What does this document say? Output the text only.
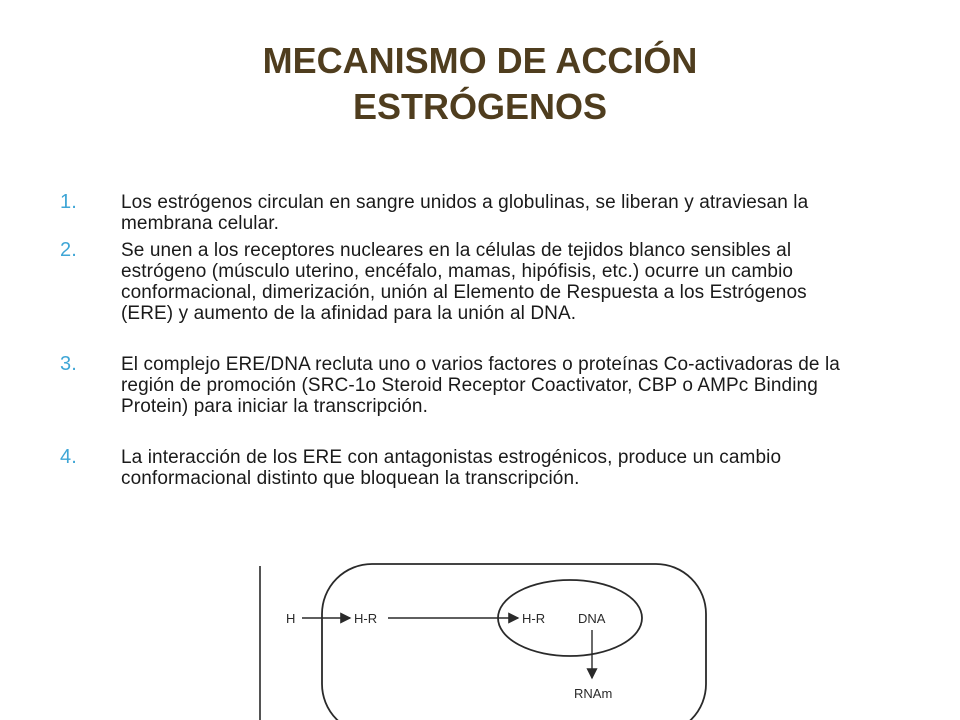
MECANISMO DE ACCIÓN
ESTRÓGENOS
1. Los estrógenos circulan en sangre unidos a globulinas, se liberan y atraviesan la membrana celular.
2. Se unen a los receptores nucleares en la células de tejidos blanco sensibles al estrógeno (músculo uterino, encéfalo, mamas, hipófisis, etc.) ocurre un cambio conformacional, dimerización, unión al Elemento de Respuesta a los Estrógenos (ERE) y aumento de la afinidad para la unión al DNA.
3. El complejo ERE/DNA recluta uno o varios factores o proteínas Co-activadoras de la región de promoción (SRC-1o Steroid Receptor Coactivator, CBP o AMPc Binding Protein) para iniciar la transcripción.
4. La interacción de los ERE con antagonistas estrogénicos, produce un cambio conformacional distinto que bloquean la transcripción.
H	H-R	H-R	DNA
RNAm
